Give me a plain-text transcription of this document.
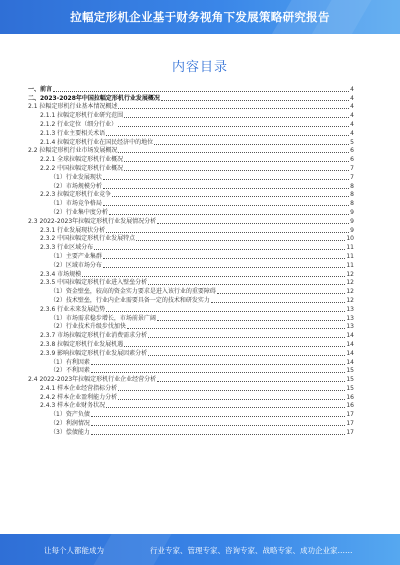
拉幅定形机企业基于财务视角下发展策略研究报告
内容目录
一、前言	4
二、2023-2028年中国拉幅定形机行业发展概况	4
2.1 拉幅定形机行业基本情况概述	4
2.1.1 拉幅定形机行业研究范围	4
2.1.2 行业定位（细分行业）	4
2.1.3 行业主要相关术语	4
2.1.4 拉幅定形机行业在国民经济中的地位	5
2.2 拉幅定形机行业市场发展概况	6
2.2.1 全球拉幅定形机行业概况	6
2.2.2 中国拉幅定形机行业概况	7
（1）行业发展现状	7
（2）市场规模分析	8
2.2.3 拉幅定形机行业竞争	8
（1）市场竞争格局	8
（2）行业集中度分析	9
2.3 2022-2023年拉幅定形机行业发展情况分析	9
2.3.1 行业发展现状分析	9
2.3.2 中国拉幅定形机行业发展特点	10
2.3.3 行业区域分布	11
（1）主要产业集群	11
（2）区域市场分布	11
2.3.4 市场规模	12
2.3.5 中国拉幅定形机行业进入壁垒分析	12
（1）资金壁垒，较高的资金实力要求是进入该行业的重要障碍	12
（2）技术壁垒，行业内企业需要具备一定的技术和研发实力	12
2.3.6 行业未来发展趋势	13
（1）市场需求稳步增长，市场前景广阔	13
（2）行业技术升级步伐加快	13
2.3.7 市场拉幅定形机行业消费需求分析	14
2.3.8 拉幅定形机行业发展机遇	14
2.3.9 影响拉幅定形机行业发展因素分析	14
（1）有利因素	14
（2）不利因素	15
2.4 2022-2023年拉幅定形机行业企业经营分析	15
2.4.1 样本企业经营指标分析	15
2.4.2 样本企业盈利能力分析	16
2.4.3 样本企业财务状况	16
（1）资产负债	17
（2）利润情况	17
（3）偿债能力	17
让每个人都能成为	行业专家、管理专家、咨询专家、战略专家、成功企业家……
